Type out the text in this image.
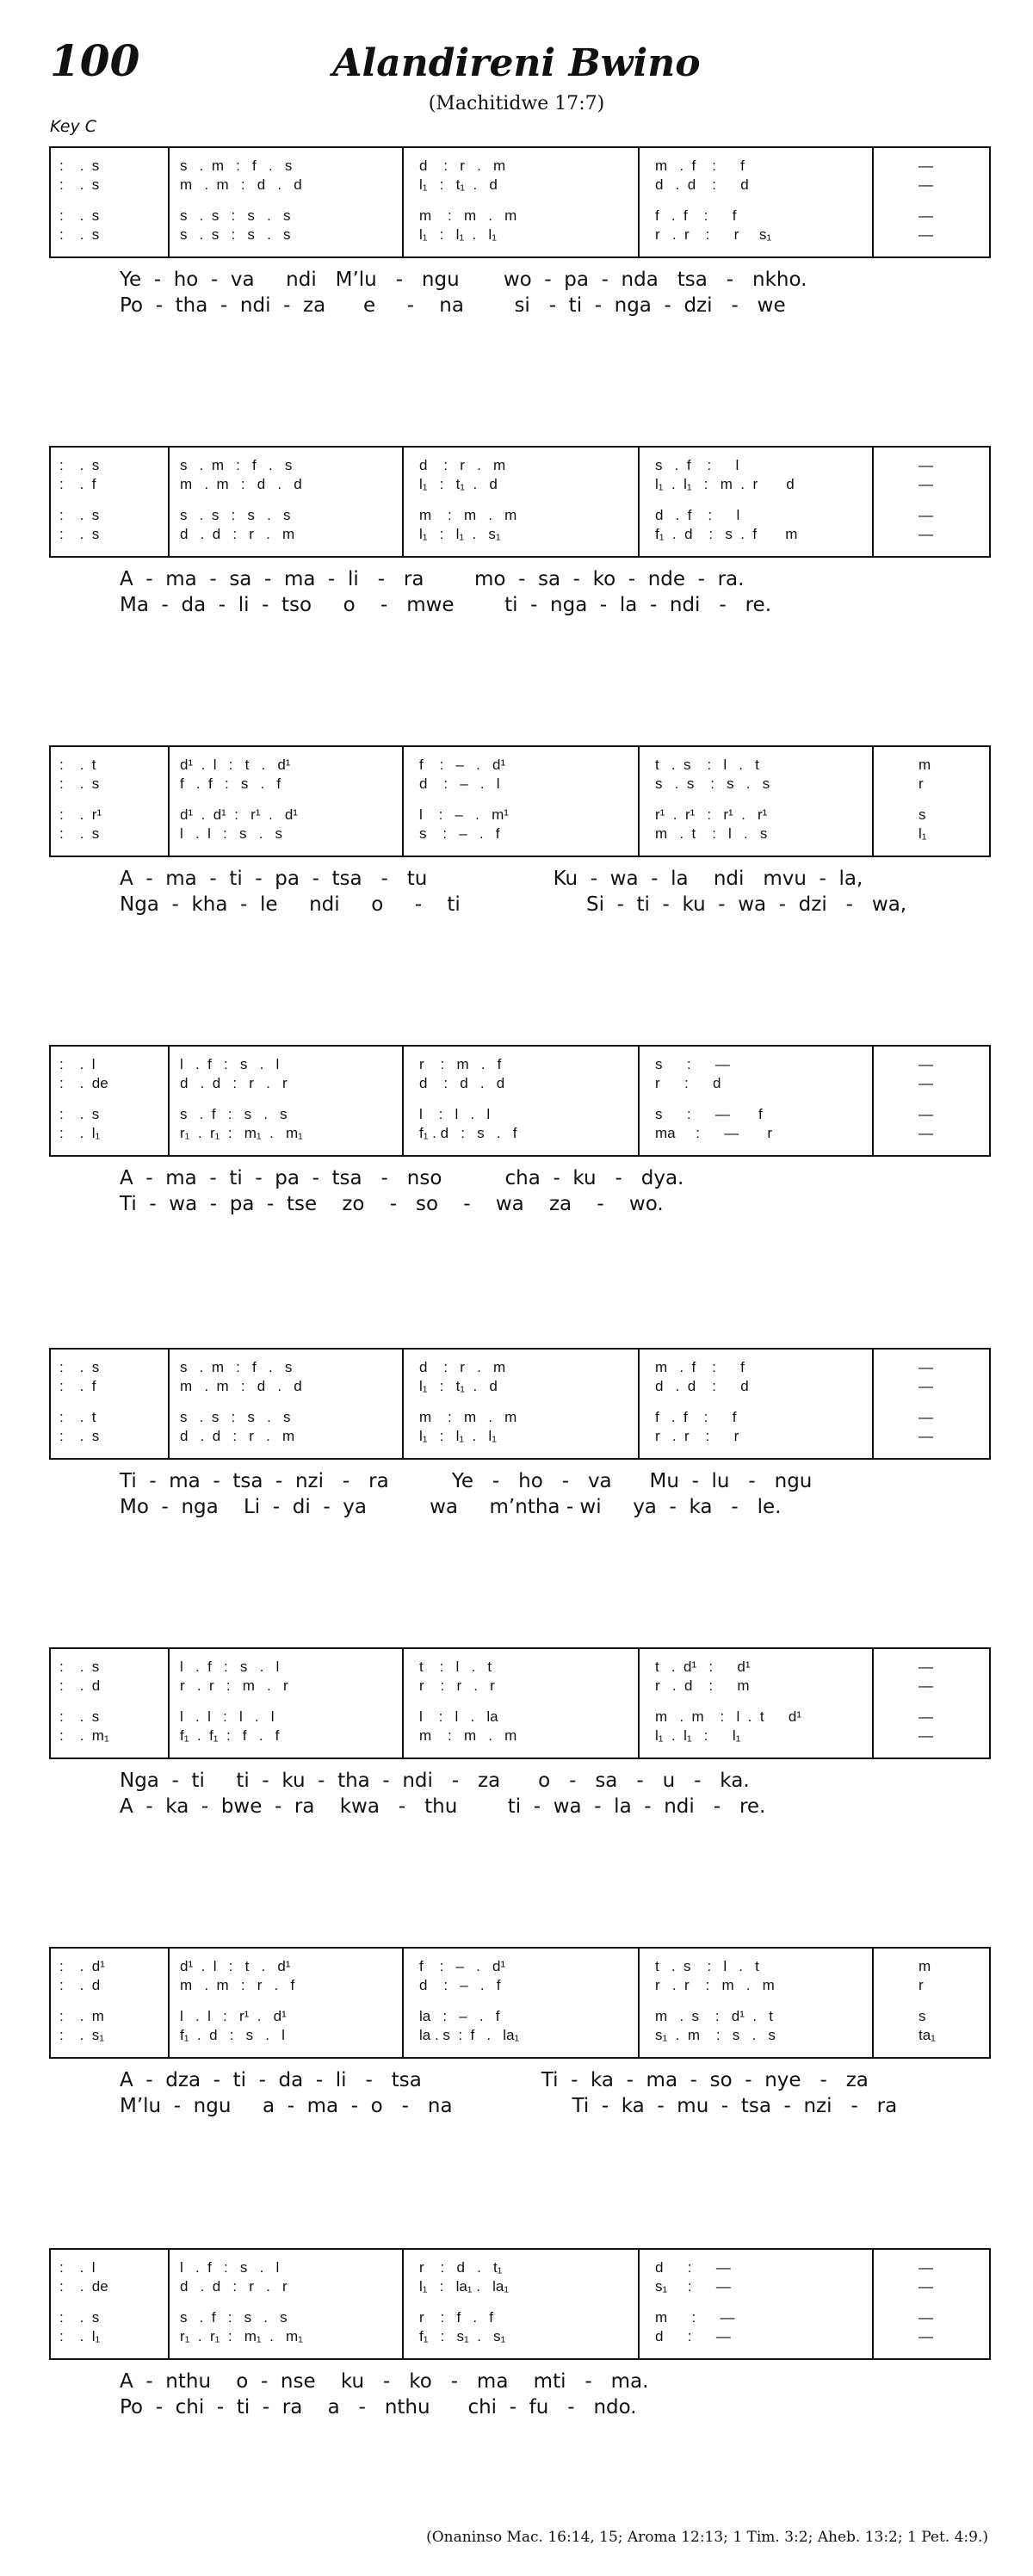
100	Alandireni Bwino
(Machitidwe 17:7)
Key C
:    .  s	s   .  m   :   f   .   s	d    :   r   .   m	m   .  f    :      f	—
:    .  s	m   .  m   :   d   .   d	l₁   :   t₁  .   d	d   .  d    :      d	—
:    .  s	s   .  s   :   s   .   s	m    :   m   .   m	f   .  f    :      f	—
:    .  s	s   .  s   :   s   .   s	l₁   :   l₁  .   l₁	r   .  r    :      r     s₁	—
Ye  -  ho  -  va     ndi   M’lu   -   ngu       wo  -  pa  -  nda   tsa   -   nkho.
Po  -  tha  -  ndi  -  za      e     -    na        si   -  ti  -  nga  -  dzi   -   we
:    .  s	s   .  m   :   f   .   s	d    :   r   .   m	s   .  f    :      l	—
:    .  f	m   .  m   :   d   .   d	l₁   :   t₁  .   d	l₁  .  l₁   :   m  .  r       d	—
:    .  s	s   .  s   :   s   .   s	m    :   m   .   m	d   .  f    :      l	—
:    .  s	d   .  d   :   r   .   m	l₁   :   l₁  .   s₁	f₁  .  d    :   s  .  f       m	—
A  -  ma  -  sa  -  ma  -  li   -   ra        mo  -  sa  -  ko  -  nde  -  ra.
Ma  -  da  -  li  -  tso     o    -   mwe        ti  -  nga  -  la  -  ndi   -   re.
:    .  t	d¹  .  l   :   t   .   d¹	f    :   –   .   d¹	t   .  s    :   l   .   t	m
:    .  s	f   .  f   :   s   .   f	d    :   –   .   l	s   .  s    :   s   .   s	r
:    .  r¹	d¹  .  d¹  :   r¹  .   d¹	l    :   –   .   m¹	r¹  .  r¹   :   r¹  .   r¹	s
:    .  s	l   .  l   :   s   .   s	s    :   –   .   f	m   .  t    :   l   .   s	l₁
A  -  ma  -  ti  -  pa  -  tsa   -   tu                    Ku  -  wa  -  la    ndi   mvu  -  la,
Nga  -  kha  -  le     ndi     o     -    ti                    Si  -  ti  -  ku  -  wa  -  dzi   -   wa,
:    .  l	l   .  f   :   s   .   l	r    :   m   .   f	s      :      —	—
:    .  de	d   .  d   :   r   .   r	d    :   d   .   d	r      :      d	—
:    .  s	s   .  f   :   s   .   s	l    :   l   .   l	s      :      —       f	—
:    .  l₁	r₁  .  r₁  :   m₁  .   m₁	f₁ . d   :   s   .   f	ma     :      —       r	—
A  -  ma  -  ti  -  pa  -  tsa   -   nso          cha  -  ku   -   dya.
Ti  -  wa  -  pa  -  tse    zo    -   so    -    wa    za    -    wo.
:    .  s	s   .  m   :   f   .   s	d    :   r   .   m	m   .  f    :      f	—
:    .  f	m   .  m   :   d   .   d	l₁   :   t₁  .   d	d   .  d    :      d	—
:    .  t	s   .  s   :   s   .   s	m    :   m   .   m	f   .  f    :      f	—
:    .  s	d   .  d   :   r   .   m	l₁   :   l₁  .   l₁	r   .  r    :      r	—
Ti  -  ma  -  tsa  -  nzi   -   ra          Ye   -   ho   -   va      Mu  -  lu   -   ngu
Mo  -  nga    Li  -  di  -  ya          wa     m’ntha - wi     ya  -  ka   -   le.
:    .  s	l   .  f   :   s   .   l	t    :   l   .   t	t   .  d¹   :      d¹	—
:    .  d	r   .  r   :   m   .   r	r    :   r   .   r	r   .  d    :      m	—
:    .  s	l   .  l   :   l   .   l	l    :   l   .   la	m   .  m    :   l  .  t      d¹	—
:    .  m₁	f₁  .  f₁  :   f   .   f	m    :   m   .   m	l₁  .  l₁   :      l₁	—
Nga  -  ti     ti  -  ku  -  tha  -  ndi   -   za      o   -   sa   -   u   -   ka.
A  -  ka  -  bwe  -  ra    kwa   -   thu        ti  -  wa  -  la  -  ndi   -   re.
:    .  d¹	d¹  .  l   :   t   .   d¹	f    :   –   .   d¹	t   .  s    :   l   .   t	m
:    .  d	m   .  m   :   r   .   f	d    :   –   .   f	r   .  r    :   m   .   m	r
:    .  m	l   .  l   :   r¹  .   d¹	la   :   –   .   f	m   .  s    :   d¹  .   t	s
:    .  s₁	f₁  .  d   :   s   .   l	la . s  :  f   .   la₁	s₁  .  m    :   s   .   s	ta₁
A  -  dza  -  ti  -  da  -  li   -   tsa                   Ti  -  ka  -  ma  -  so  -  nye   -   za
M’lu  -  ngu     a  -  ma  -  o   -   na                   Ti  -  ka  -  mu  -  tsa  -  nzi   -   ra
:    .  l	l   .  f   :   s   .   l	r    :   d   .   t₁	d      :      —	—
:    .  de	d   .  d   :   r   .   r	l₁   :   la₁ .   la₁	s₁     :      —	—
:    .  s	s   .  f   :   s   .   s	r    :   f   .   f	m      :      —	—
:    .  l₁	r₁  .  r₁  :   m₁  .   m₁	f₁   :   s₁  .   s₁	d      :      —	—
A  -  nthu    o  -  nse    ku   -   ko   -   ma    mti   -   ma.
Po  -  chi  -  ti  -  ra    a   -   nthu      chi  -  fu   -   ndo.
(Onaninso Mac. 16:14, 15; Aroma 12:13; 1 Tim. 3:2; Aheb. 13:2; 1 Pet. 4:9.)
